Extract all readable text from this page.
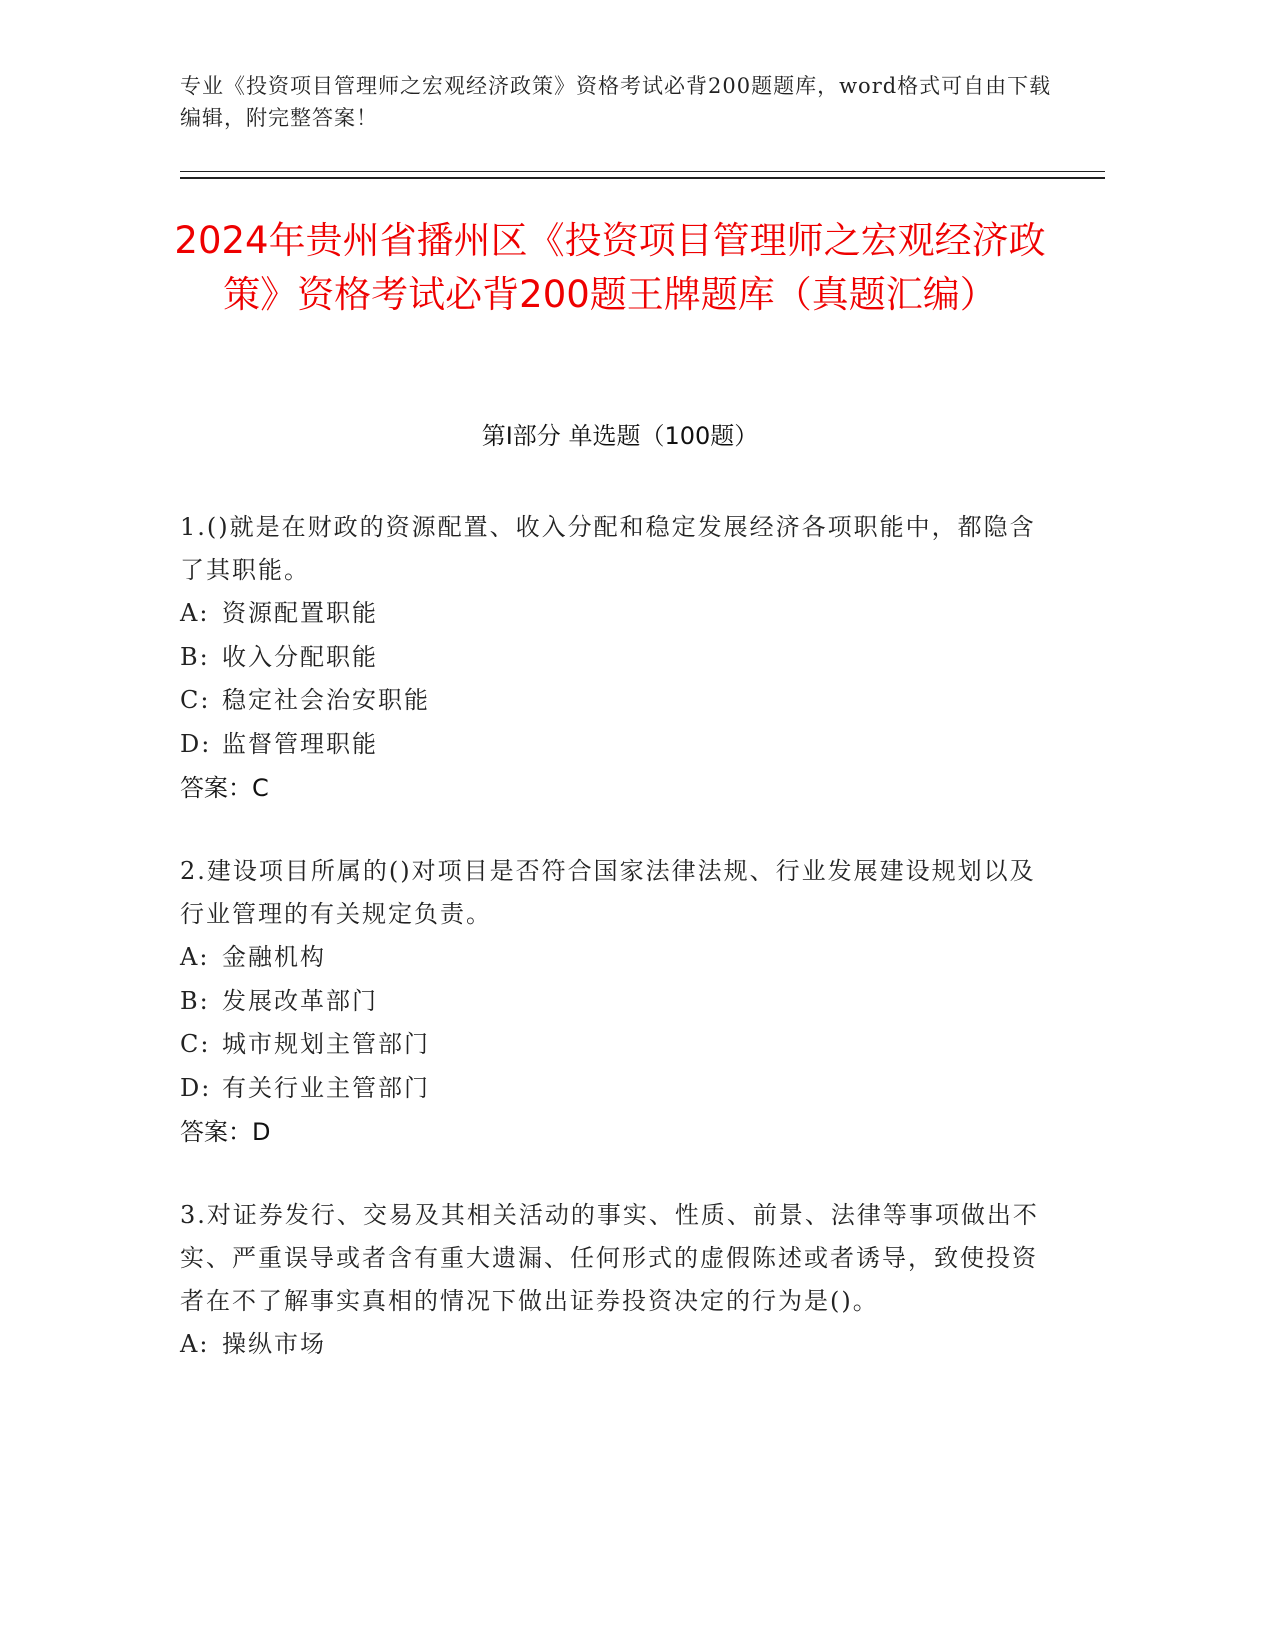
专业《投资项目管理师之宏观经济政策》资格考试必背200题题库，word格式可自由下载编辑，附完整答案！
2024年贵州省播州区《投资项目管理师之宏观经济政策》资格考试必背200题王牌题库（真题汇编）
第I部分 单选题（100题）
1.()就是在财政的资源配置、收入分配和稳定发展经济各项职能中，都隐含了其职能。
A: 资源配置职能
B: 收入分配职能
C: 稳定社会治安职能
D: 监督管理职能
答案：C
2.建设项目所属的()对项目是否符合国家法律法规、行业发展建设规划以及行业管理的有关规定负责。
A: 金融机构
B: 发展改革部门
C: 城市规划主管部门
D: 有关行业主管部门
答案：D
3.对证券发行、交易及其相关活动的事实、性质、前景、法律等事项做出不实、严重误导或者含有重大遗漏、任何形式的虚假陈述或者诱导，致使投资者在不了解事实真相的情况下做出证券投资决定的行为是()。
A: 操纵市场
